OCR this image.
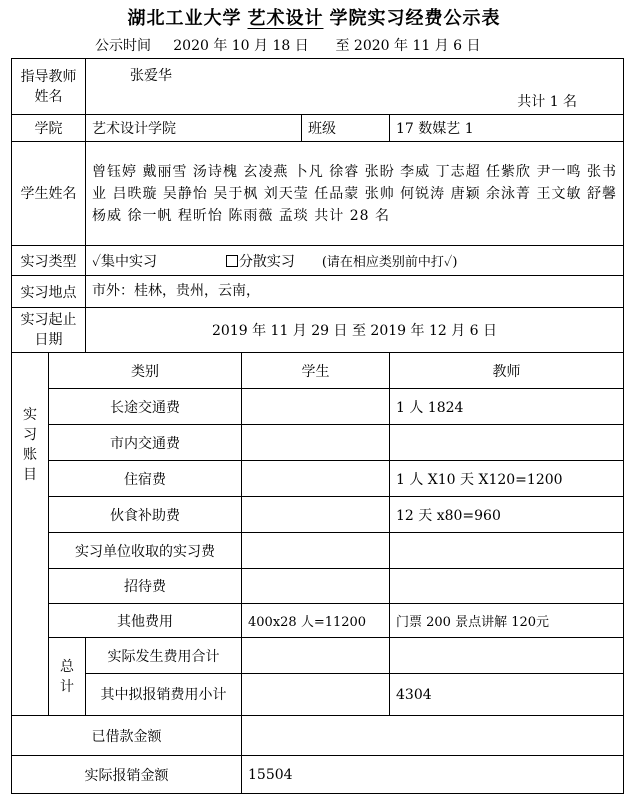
湖北工业大学 艺术设计 学院实习经费公示表
公示时间     2020 年 10 月 18 日      至 2020 年 11 月 6 日
指导教师姓名		张爱华
共计 1 名			

学院		艺术设计学院		班级	17 数媒艺 1
学生姓名		曾钰婷 戴丽雪 汤诗槐 玄凌燕 卜凡 徐睿 张盼 李威 丁志超 任紫欣 尹一鸣 张书业 吕昳璇 吴静怡 吴于枫 刘天莹 任品蒙 张帅 何锐涛 唐颖 余泳菁 王文敏 舒馨 杨威 徐一帆 程昕怡 陈雨薇 孟琰 共计 28 名			
实习类型		✓集中实习 分散实习 (请在相应类别前中打✓)			
实习地点		市外：桂林，贵州，云南，			
实习起止日期		2019 年 11 月 29 日 至 2019 年 12 月 6 日			
实习账目	类别		学生		教师
	长途交通费				1 人 1824
	市内交通费				
	住宿费				1 人 X10 天 X120=1200
	伙食补助费				12 天 x80=960
	实习单位收取的实习费				
	招待费				
	其他费用		400x28 人=11200		门票 200 景点讲解 120元
	总计	实际发生费用合计			
		其中拟报销费用小计			4304
已借款金额					
实际报销金额			15504		
